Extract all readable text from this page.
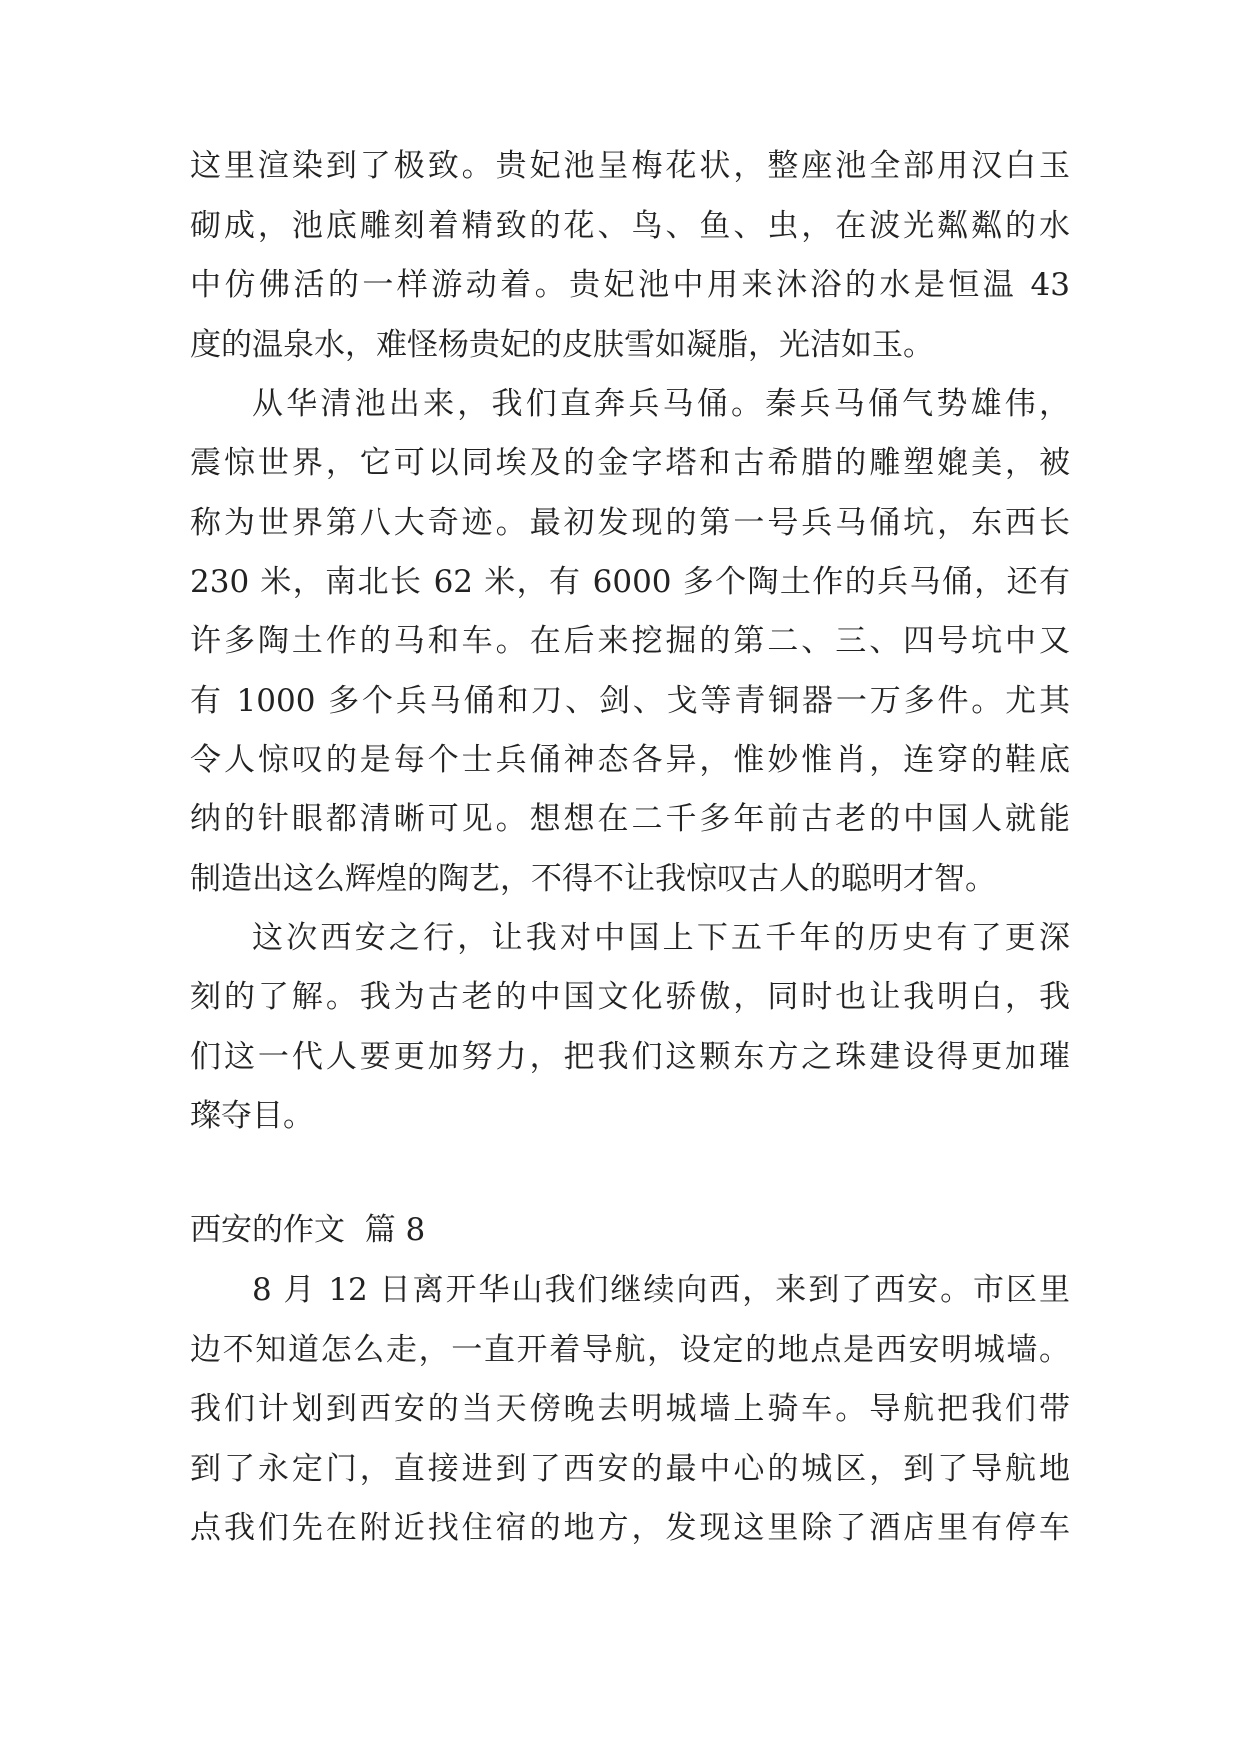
这里渲染到了极致。贵妃池呈梅花状，整座池全部用汉白玉
砌成，池底雕刻着精致的花、鸟、鱼、虫，在波光粼粼的水
中仿佛活的一样游动着。贵妃池中用来沐浴的水是恒温 43
度的温泉水，难怪杨贵妃的皮肤雪如凝脂，光洁如玉。
从华清池出来，我们直奔兵马俑。秦兵马俑气势雄伟，
震惊世界，它可以同埃及的金字塔和古希腊的雕塑媲美，被
称为世界第八大奇迹。最初发现的第一号兵马俑坑，东西长
230 米，南北长 62 米，有 6000 多个陶土作的兵马俑，还有
许多陶土作的马和车。在后来挖掘的第二、三、四号坑中又
有 1000 多个兵马俑和刀、剑、戈等青铜器一万多件。尤其
令人惊叹的是每个士兵俑神态各异，惟妙惟肖，连穿的鞋底
纳的针眼都清晰可见。想想在二千多年前古老的中国人就能
制造出这么辉煌的陶艺，不得不让我惊叹古人的聪明才智。
这次西安之行，让我对中国上下五千年的历史有了更深
刻的了解。我为古老的中国文化骄傲，同时也让我明白，我
们这一代人要更加努力，把我们这颗东方之珠建设得更加璀
璨夺目。
西安的作文  篇 8
8 月 12 日离开华山我们继续向西，来到了西安。市区里
边不知道怎么走，一直开着导航，设定的地点是西安明城墙。
我们计划到西安的当天傍晚去明城墙上骑车。导航把我们带
到了永定门，直接进到了西安的最中心的城区，到了导航地
点我们先在附近找住宿的地方，发现这里除了酒店里有停车
